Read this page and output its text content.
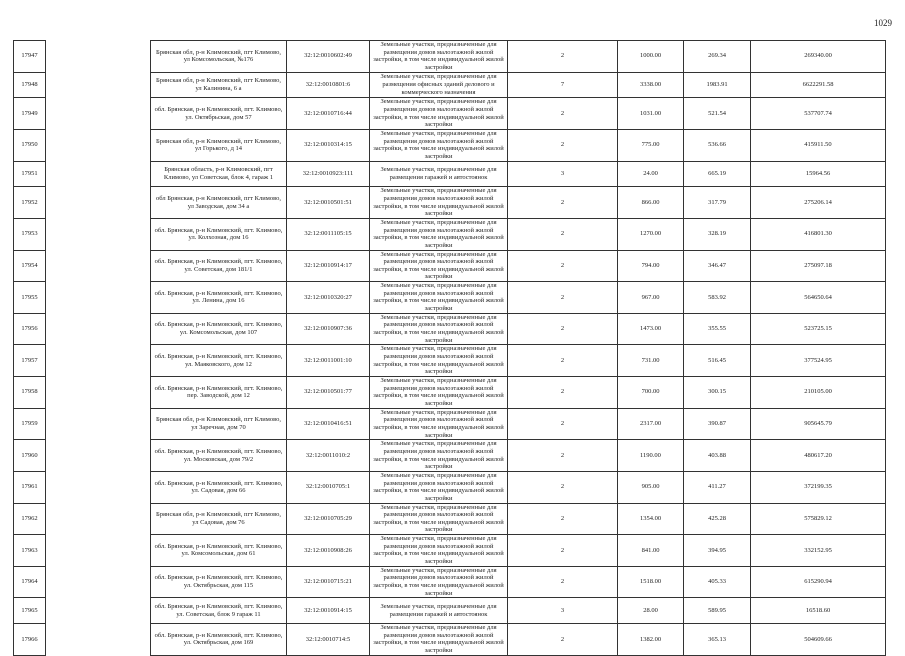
1029
17947		Брянская обл, р-н Климовский, пгт Климово, ул Комсомольская, №176	32:12:0010602:49	Земельные участки, предназначенные для размещения домов малоэтажной жилой застройки, в том числе индивидуальной жилой застройки	2	1000.00	269.34	269340.00
17948		Брянская обл, р-н Климовский, пгт Климово, ул Калинина, 6 а	32:12:0010801:6	Земельные участки, предназначенные для размещения офисных зданий делового и коммерческого назначения	7	3338.00	1983.91	6622291.58
17949		обл. Брянская, р-н Климовский, пгт. Климово, ул. Октябрьская, дом 57	32:12:0010716:44	Земельные участки, предназначенные для размещения домов малоэтажной жилой застройки, в том числе индивидуальной жилой застройки	2	1031.00	521.54	537707.74
17950		Брянская обл, р-н Климовский, пгт Климово, ул Горького, д 14	32:12:0010314:15	Земельные участки, предназначенные для размещения домов малоэтажной жилой застройки, в том числе индивидуальной жилой застройки	2	775.00	536.66	415911.50
17951		Брянская область, р-н Климовский, пгт Климово, ул Советская, блок 4, гараж 1	32:12:0010923:111	Земельные участки, предназначенные для размещения гаражей и автостоянок	3	24.00	665.19	15964.56
17952		обл Брянская, р-н Климовский, пгт Климово, ул Заводская, дом 34 а	32:12:0010501:51	Земельные участки, предназначенные для размещения домов малоэтажной жилой застройки, в том числе индивидуальной жилой застройки	2	866.00	317.79	275206.14
17953		обл. Брянская, р-н Климовский, пгт. Климово, ул. Колхозная, дом 16	32:12:0011105:15	Земельные участки, предназначенные для размещения домов малоэтажной жилой застройки, в том числе индивидуальной жилой застройки	2	1270.00	328.19	416801.30
17954		обл. Брянская, р-н Климовский, пгт. Климово, ул. Советская, дом 181/1	32:12:0010914:17	Земельные участки, предназначенные для размещения домов малоэтажной жилой застройки, в том числе индивидуальной жилой застройки	2	794.00	346.47	275097.18
17955		обл. Брянская, р-н Климовский, пгт. Климово, ул. Ленина, дом 16	32:12:0010320:27	Земельные участки, предназначенные для размещения домов малоэтажной жилой застройки, в том числе индивидуальной жилой застройки	2	967.00	583.92	564650.64
17956		обл. Брянская, р-н Климовский, пгт. Климово, ул. Комсомольская, дом 107	32:12:0010907:36	Земельные участки, предназначенные для размещения домов малоэтажной жилой застройки, в том числе индивидуальной жилой застройки	2	1473.00	355.55	523725.15
17957		обл. Брянская, р-н Климовский, пгт. Климово, ул. Маяковского, дом 12	32:12:0011001:10	Земельные участки, предназначенные для размещения домов малоэтажной жилой застройки, в том числе индивидуальной жилой застройки	2	731.00	516.45	377524.95
17958		обл. Брянская, р-н Климовский, пгт. Климово, пер. Заводской, дом 12	32:12:0010501:77	Земельные участки, предназначенные для размещения домов малоэтажной жилой застройки, в том числе индивидуальной жилой застройки	2	700.00	300.15	210105.00
17959		Брянская обл, р-н Климовский, пгт Климово, ул Заречная, дом 70	32:12:0010416:51	Земельные участки, предназначенные для размещения домов малоэтажной жилой застройки, в том числе индивидуальной жилой застройки	2	2317.00	390.87	905645.79
17960		обл. Брянская, р-н Климовский, пгт. Климово, ул. Московская, дом 79/2	32:12:0011010:2	Земельные участки, предназначенные для размещения домов малоэтажной жилой застройки, в том числе индивидуальной жилой застройки	2	1190.00	403.88	480617.20
17961		обл. Брянская, р-н Климовский, пгт. Климово, ул. Садовая, дом 66	32:12:0010705:1	Земельные участки, предназначенные для размещения домов малоэтажной жилой застройки, в том числе индивидуальной жилой застройки	2	905.00	411.27	372199.35
17962		Брянская обл, р-н Климовский, пгт Климово, ул Садовая, дом 76	32:12:0010705:29	Земельные участки, предназначенные для размещения домов малоэтажной жилой застройки, в том числе индивидуальной жилой застройки	2	1354.00	425.28	575829.12
17963		обл. Брянская, р-н Климовский, пгт. Климово, ул. Комсомольская, дом 61	32:12:0010908:26	Земельные участки, предназначенные для размещения домов малоэтажной жилой застройки, в том числе индивидуальной жилой застройки	2	841.00	394.95	332152.95
17964		обл. Брянская, р-н Климовский, пгт. Климово, ул. Октябрьская, дом 115	32:12:0010715:21	Земельные участки, предназначенные для размещения домов малоэтажной жилой застройки, в том числе индивидуальной жилой застройки	2	1518.00	405.33	615290.94
17965		обл. Брянская, р-н Климовский, пгт. Климово, ул. Советская, блок 9 гараж 11	32:12:0010914:15	Земельные участки, предназначенные для размещения гаражей и автостоянок	3	28.00	589.95	16518.60
17966		обл. Брянская, р-н Климовский, пгт. Климово, ул. Октябрьская, дом 169	32:12:0010714:5	Земельные участки, предназначенные для размещения домов малоэтажной жилой застройки, в том числе индивидуальной жилой застройки	2	1382.00	365.13	504609.66
